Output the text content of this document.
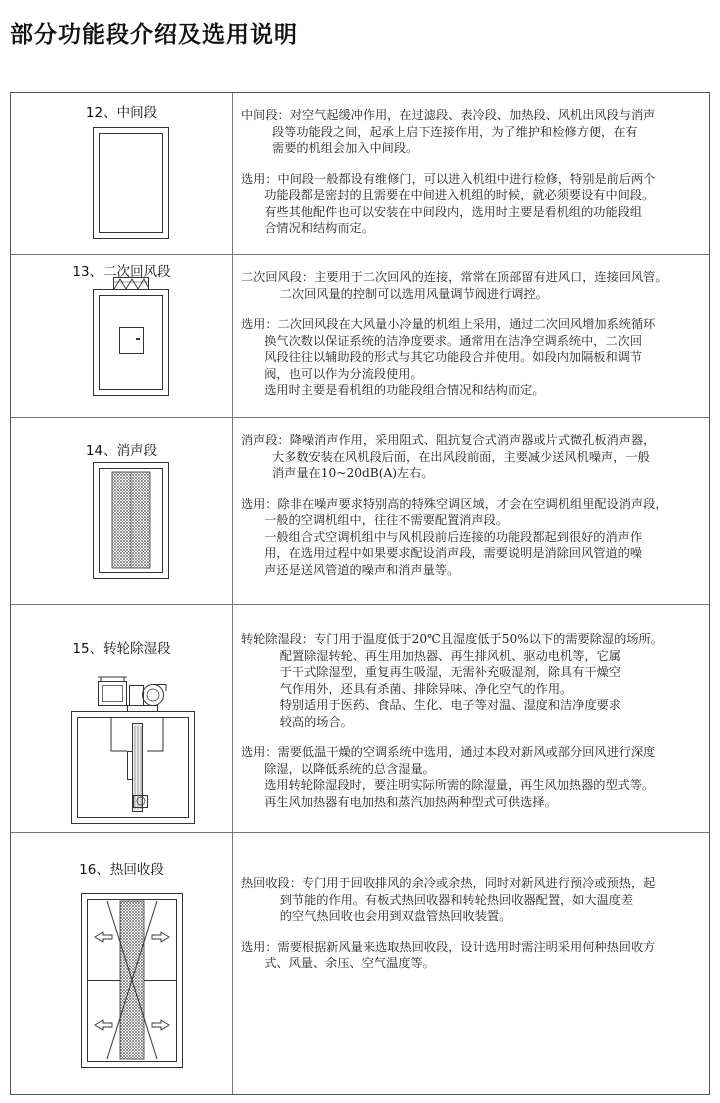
部分功能段介绍及选用说明
12、中间段	中间段：对空气起缓冲作用，在过滤段、表冷段、加热段、风机出风段与消声
段等功能段之间，起承上启下连接作用，为了维护和检修方便，在有
需要的机组会加入中间段。

选用：中间段一般都设有维修门，可以进入机组中进行检修，特别是前后两个
功能段都是密封的且需要在中间进入机组的时候，就必须要设有中间段。
有些其他配件也可以安装在中间段内，选用时主要是看机组的功能段组
合情况和结构而定。

13、二次回风段	二次回风段：主要用于二次回风的连接，常常在顶部留有进风口，连接回风管。
二次回风量的控制可以选用风量调节阀进行调控。

选用：二次回风段在大风量小冷量的机组上采用，通过二次回风增加系统循环
换气次数以保证系统的洁净度要求。通常用在洁净空调系统中，二次回
风段往往以辅助段的形式与其它功能段合并使用。如段内加隔板和调节
阀，也可以作为分流段使用。
选用时主要是看机组的功能段组合情况和结构而定。

14、消声段

消声段：降噪消声作用，采用阻式、阻抗复合式消声器或片式微孔板消声器，
大多数安装在风机段后面，在出风段前面，主要减少送风机噪声，一般
消声量在10~20dB(A)左右。

选用：除非在噪声要求特别高的特殊空调区域，才会在空调机组里配设消声段，
一般的空调机组中，往往不需要配置消声段。
一般组合式空调机组中与风机段前后连接的功能段都起到很好的消声作
用，在选用过程中如果要求配设消声段，需要说明是消除回风管道的噪
声还是送风管道的噪声和消声量等。

15、转轮除湿段

转轮除湿段：专门用于温度低于20℃且湿度低于50%以下的需要除湿的场所。
配置除湿转轮、再生用加热器、再生排风机、驱动电机等，它属
于干式除湿型，重复再生吸湿，无需补充吸湿剂，除具有干燥空
气作用外，还具有杀菌、排除异味、净化空气的作用。
特别适用于医药、食品、生化、电子等对温、湿度和洁净度要求
较高的场合。

选用：需要低温干燥的空调系统中选用，通过本段对新风或部分回风进行深度
除湿，以降低系统的总含湿量。
选用转轮除湿段时，要注明实际所需的除湿量，再生风加热器的型式等。
再生风加热器有电加热和蒸汽加热两种型式可供选择。

16、热回收段

热回收段：专门用于回收排风的余冷或余热，同时对新风进行预冷或预热，起
到节能的作用。有板式热回收器和转轮热回收器配置，如大温度差
的空气热回收也会用到双盘管热回收装置。

选用：需要根据新风量来选取热回收段，设计选用时需注明采用何种热回收方
式、风量、余压、空气温度等。
